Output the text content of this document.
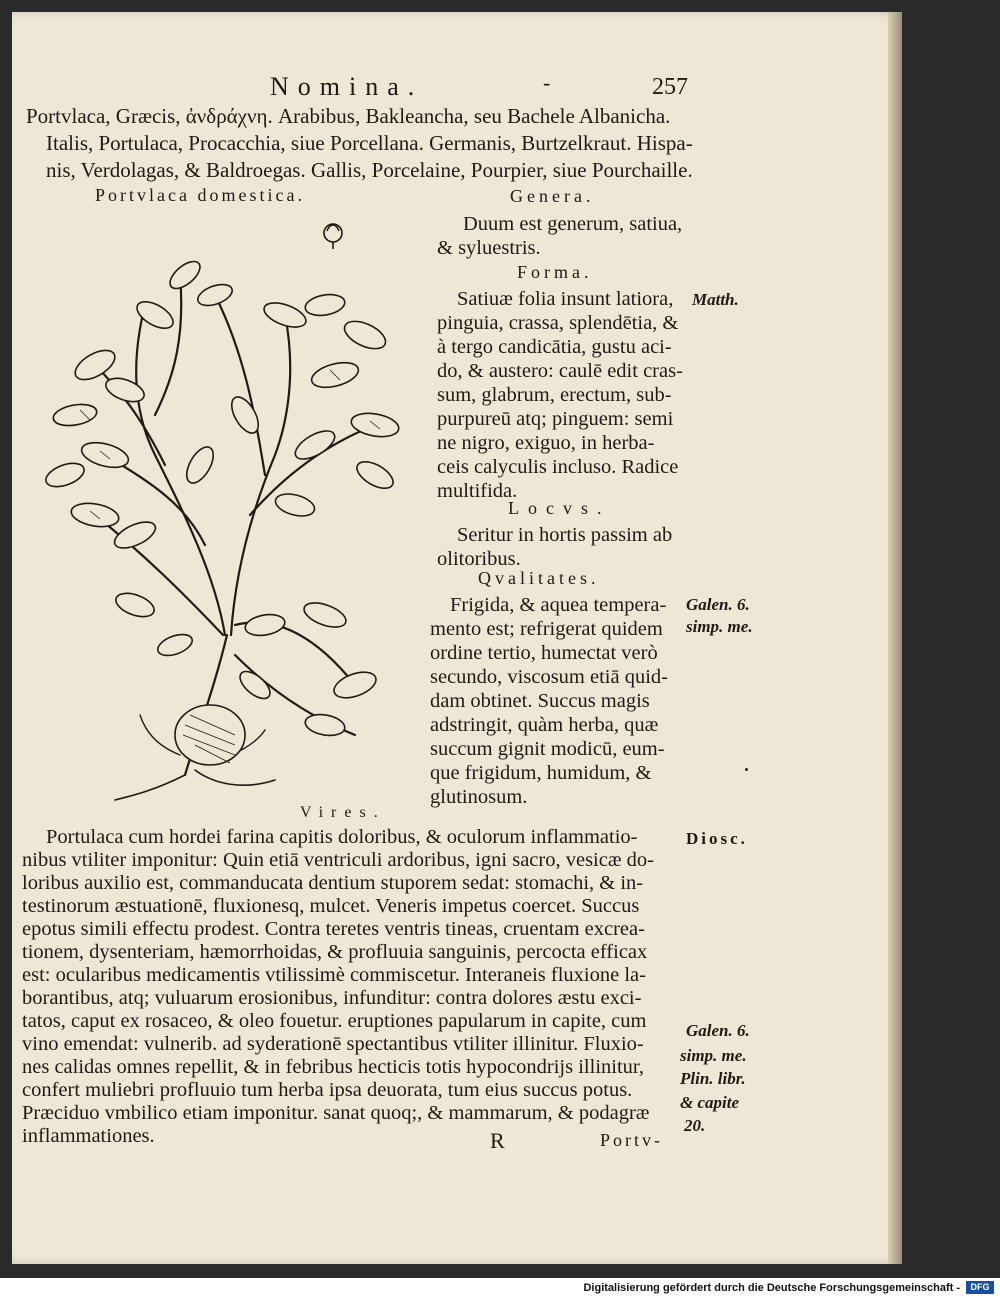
Nomina.	-	257
Portvlaca, Græcis, ἀνδράχνη. Arabibus, Bakleancha, seu Bachele Albanicha.
Italis, Portulaca, Procacchia, siue Porcellana. Germanis, Burtzelkraut. Hispa-
nis, Verdolagas, & Baldroegas. Gallis, Porcelaine, Pourpier, siue Pourchaille.
Portvlaca domestica.	Genera.
Duum est generum, satiua,
& syluestris.
Forma.
Satiuæ folia insunt latiora,
pinguia, crassa, splendētia, &
à tergo candicātia, gustu aci-
do, & austero: caulē edit cras-
sum, glabrum, erectum, sub-
purpureū atq; pinguem: semi
ne nigro, exiguo, in herba-
ceis calyculis incluso. Radice
multifida.
Locvs.
Seritur in hortis passim ab
olitoribus.
Qvalitates.
Frigida, & aquea tempera-
mento est; refrigerat quidem
ordine tertio, humectat verò
secundo, viscosum etiā quid-
dam obtinet. Succus magis
adstringit, quàm herba, quæ
succum gignit modicū, eum-
que frigidum, humidum, &
glutinosum.
Vires.
Portulaca cum hordei farina capitis doloribus, & oculorum inflammatio-
nibus vtiliter imponitur: Quin etiā ventriculi ardoribus, igni sacro, vesicæ do-
loribus auxilio est, commanducata dentium stuporem sedat: stomachi, & in-
testinorum æstuationē, fluxionesq, mulcet. Veneris impetus coercet. Succus
epotus simili effectu prodest. Contra teretes ventris tineas, cruentam excrea-
tionem, dysenteriam, hæmorrhoidas, & profluuia sanguinis, percocta efficax
est: ocularibus medicamentis vtilissimè commiscetur. Interaneis fluxione la-
borantibus, atq; vuluarum erosionibus, infunditur: contra dolores æstu exci-
tatos, caput ex rosaceo, & oleo fouetur. eruptiones papularum in capite, cum
vino emendat: vulnerib. ad syderationē spectantibus vtiliter illinitur. Fluxio-
nes calidas omnes repellit, & in febribus hecticis totis hypocondrijs illinitur,
confert muliebri profluuio tum herba ipsa deuorata, tum eius succus potus.
Præciduo vmbilico etiam imponitur. sanat quoq;, & mammarum, & podagræ
inflammationes.	R	Portv-
Matth.
Galen. 6.
simp. me.
Diosc.
Galen. 6.
simp. me.
Plin. libr.
& capite
20.
Digitalisierung gefördert durch die Deutsche Forschungsgemeinschaft -	DFG
